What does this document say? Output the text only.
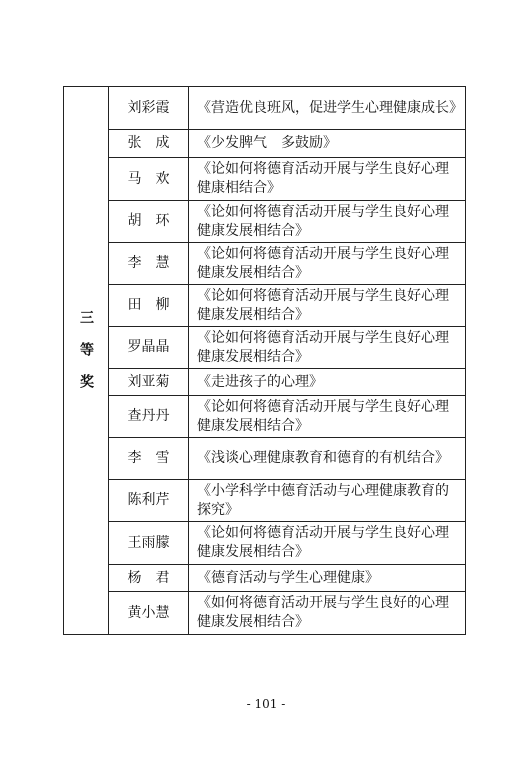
三等奖	刘彩霞	《营造优良班风，促进学生心理健康成长》
	张　成	《少发脾气　多鼓励》
	马　欢	《论如何将德育活动开展与学生良好心理健康相结合》
	胡　环	《论如何将德育活动开展与学生良好心理健康发展相结合》
	李　慧	《论如何将德育活动开展与学生良好心理健康发展相结合》
	田　柳	《论如何将德育活动开展与学生良好心理健康发展相结合》
	罗晶晶	《论如何将德育活动开展与学生良好心理健康发展相结合》
	刘亚菊	《走进孩子的心理》
	查丹丹	《论如何将德育活动开展与学生良好心理健康发展相结合》
	李　雪	《浅谈心理健康教育和德育的有机结合》
	陈利芹	《小学科学中德育活动与心理健康教育的探究》
	王雨朦	《论如何将德育活动开展与学生良好心理健康发展相结合》
	杨　君	《德育活动与学生心理健康》
	黄小慧	《如何将德育活动开展与学生良好的心理健康发展相结合》
- 101 -
